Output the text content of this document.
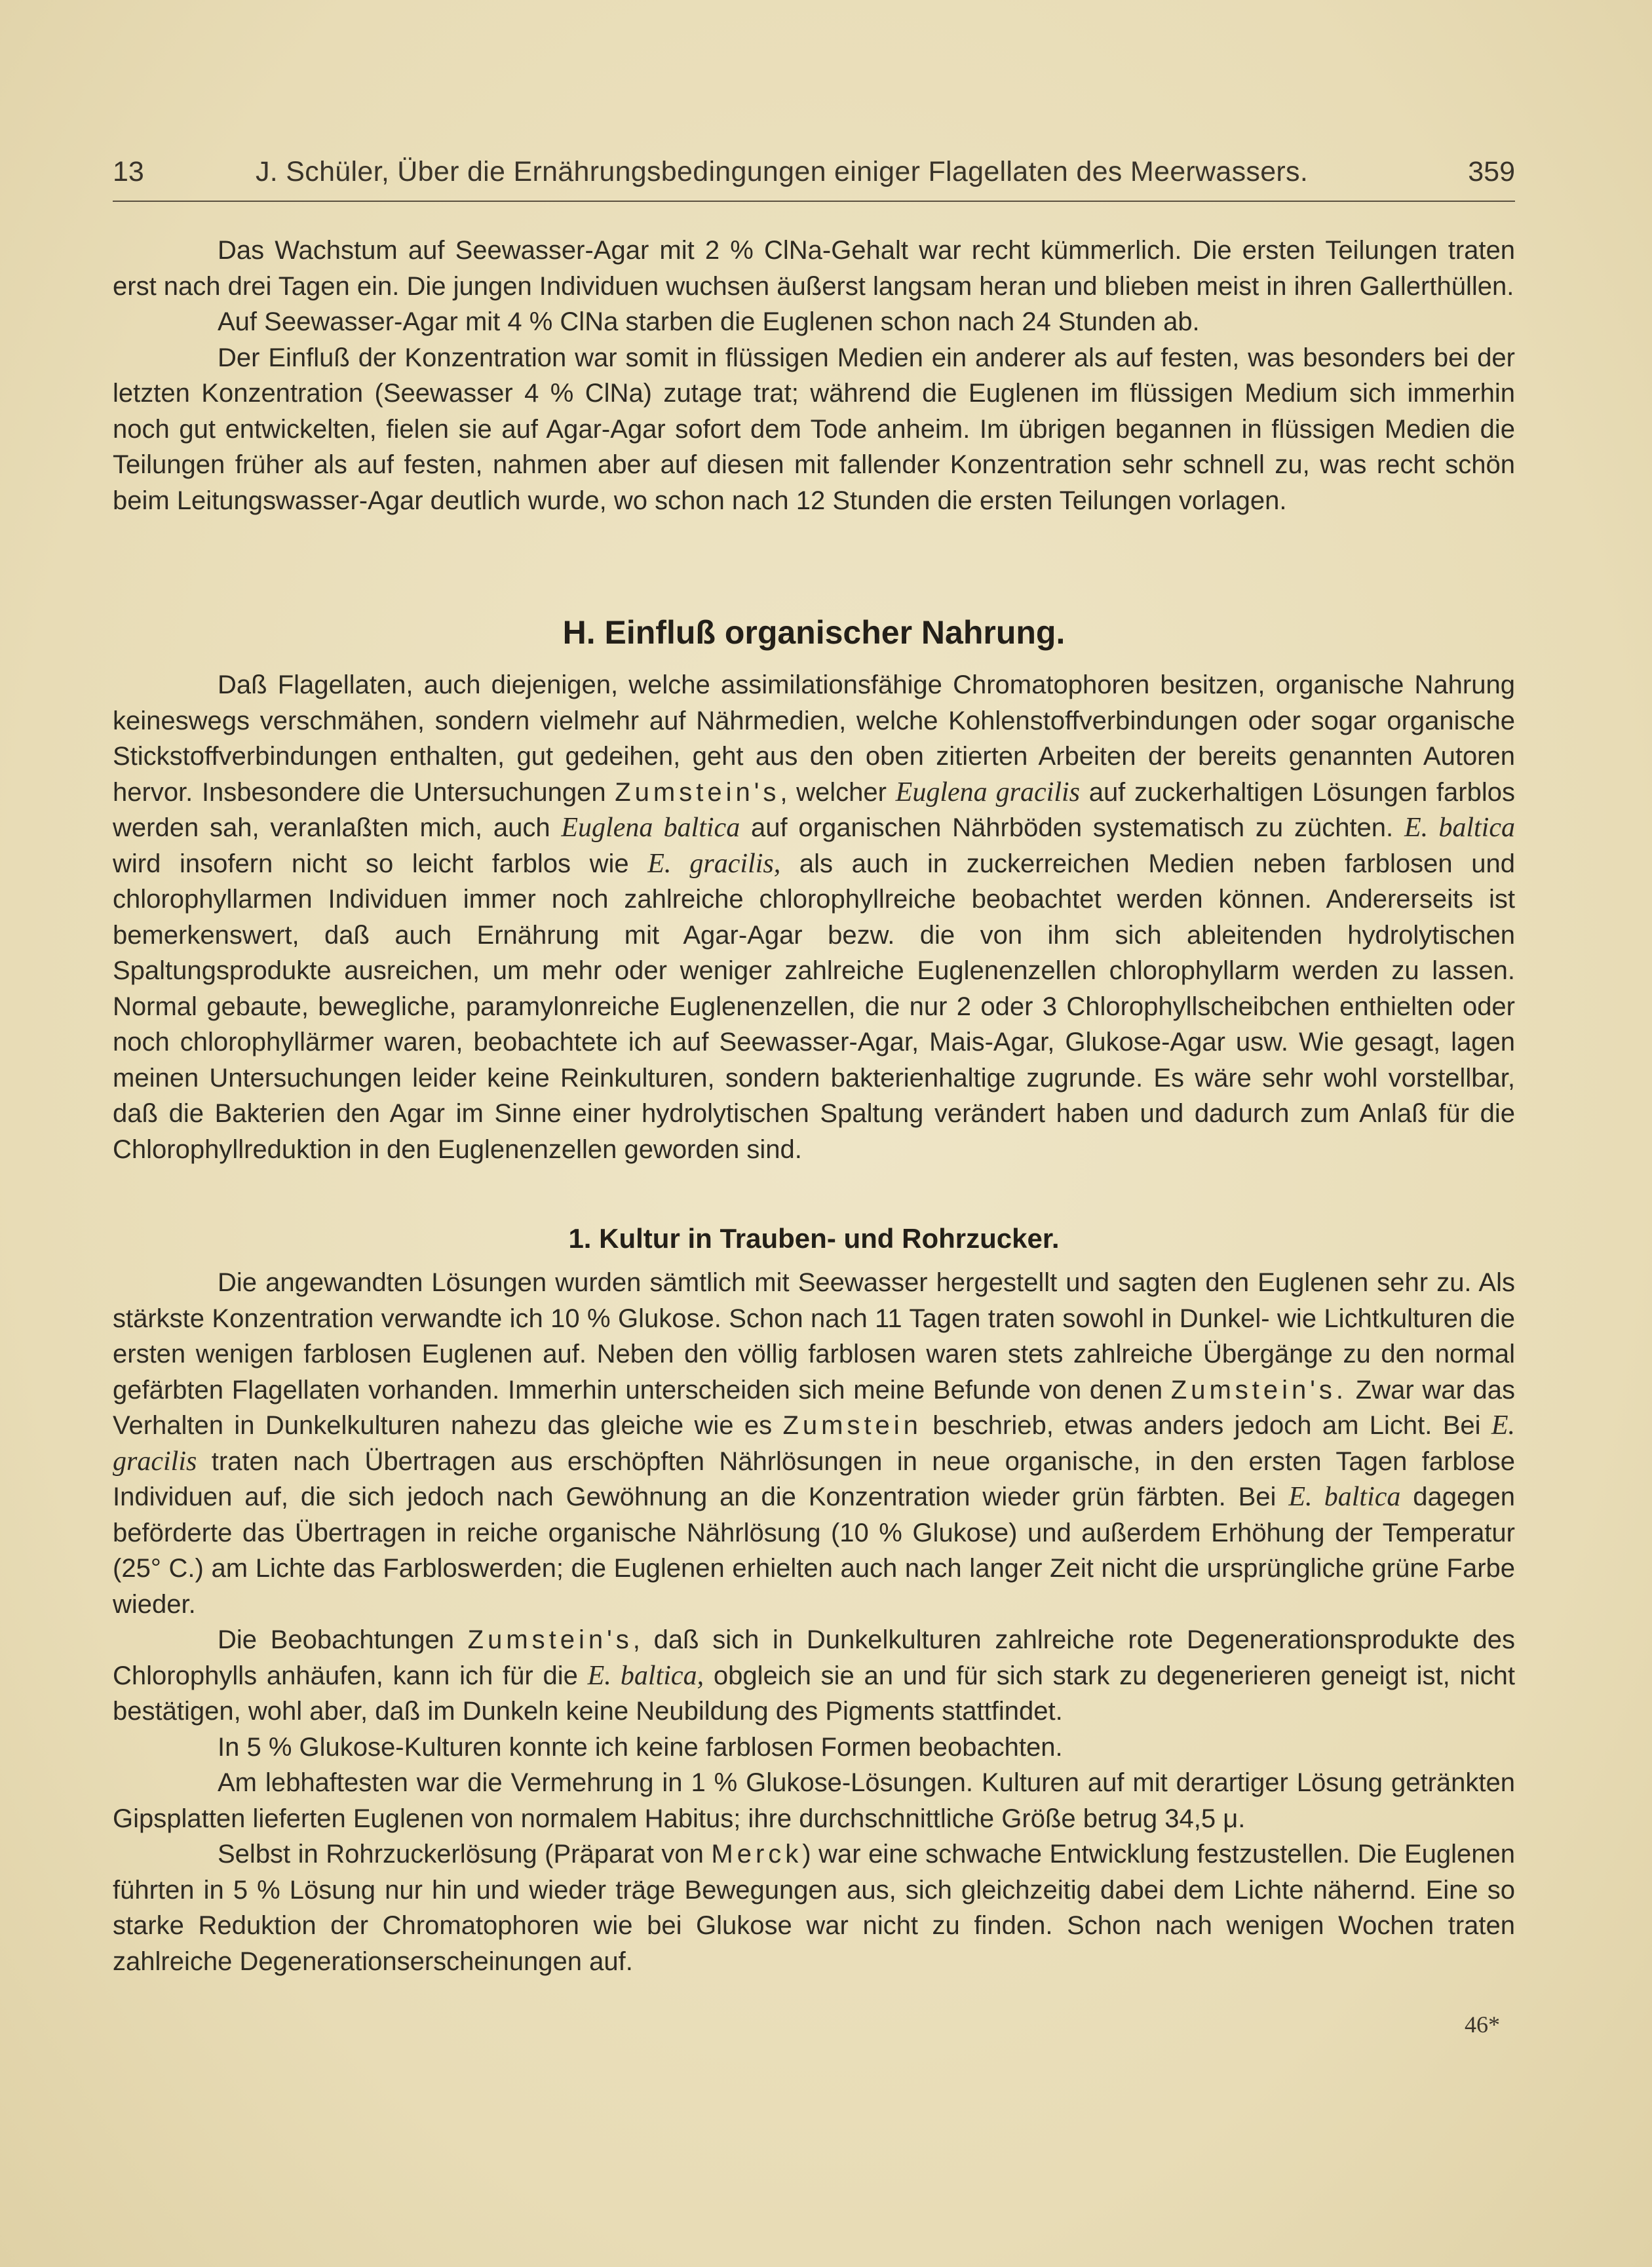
13	J. Schüler, Über die Ernährungsbedingungen einiger Flagellaten des Meerwassers.	359

Das Wachstum auf Seewasser-Agar mit 2 % ClNa-Gehalt war recht kümmerlich. Die ersten Teilungen traten erst nach drei Tagen ein. Die jungen Individuen wuchsen äußerst langsam heran und blieben meist in ihren Gallerthüllen.

Auf Seewasser-Agar mit 4 % ClNa starben die Euglenen schon nach 24 Stunden ab.

Der Einfluß der Konzentration war somit in flüssigen Medien ein anderer als auf festen, was besonders bei der letzten Konzentration (Seewasser 4 % ClNa) zutage trat; während die Euglenen im flüssigen Medium sich immerhin noch gut entwickelten, fielen sie auf Agar-Agar sofort dem Tode anheim. Im übrigen begannen in flüssigen Medien die Teilungen früher als auf festen, nahmen aber auf diesen mit fallender Konzentration sehr schnell zu, was recht schön beim Leitungswasser-Agar deutlich wurde, wo schon nach 12 Stunden die ersten Teilungen vorlagen.

H. Einfluß organischer Nahrung.

Daß Flagellaten, auch diejenigen, welche assimilationsfähige Chromatophoren besitzen, organische Nahrung keineswegs verschmähen, sondern vielmehr auf Nährmedien, welche Kohlenstoffverbindungen oder sogar organische Stickstoffverbindungen enthalten, gut gedeihen, geht aus den oben zitierten Arbeiten der bereits genannten Autoren hervor. Insbesondere die Untersuchungen Zumstein's, welcher Euglena gracilis auf zuckerhaltigen Lösungen farblos werden sah, veranlaßten mich, auch Euglena baltica auf organischen Nährböden systematisch zu züchten. E. baltica wird insofern nicht so leicht farblos wie E. gracilis, als auch in zuckerreichen Medien neben farblosen und chlorophyllarmen Individuen immer noch zahlreiche chlorophyllreiche beobachtet werden können. Andererseits ist bemerkenswert, daß auch Ernährung mit Agar-Agar bezw. die von ihm sich ableitenden hydrolytischen Spaltungsprodukte ausreichen, um mehr oder weniger zahlreiche Euglenenzellen chlorophyllarm werden zu lassen. Normal gebaute, bewegliche, paramylonreiche Euglenenzellen, die nur 2 oder 3 Chlorophyllscheibchen enthielten oder noch chlorophyllärmer waren, beobachtete ich auf Seewasser-Agar, Mais-Agar, Glukose-Agar usw. Wie gesagt, lagen meinen Untersuchungen leider keine Reinkulturen, sondern bakterienhaltige zugrunde. Es wäre sehr wohl vorstellbar, daß die Bakterien den Agar im Sinne einer hydrolytischen Spaltung verändert haben und dadurch zum Anlaß für die Chlorophyllreduktion in den Euglenenzellen geworden sind.

1. Kultur in Trauben- und Rohrzucker.

Die angewandten Lösungen wurden sämtlich mit Seewasser hergestellt und sagten den Euglenen sehr zu. Als stärkste Konzentration verwandte ich 10 % Glukose. Schon nach 11 Tagen traten sowohl in Dunkel- wie Lichtkulturen die ersten wenigen farblosen Euglenen auf. Neben den völlig farblosen waren stets zahlreiche Übergänge zu den normal gefärbten Flagellaten vorhanden. Immerhin unterscheiden sich meine Befunde von denen Zumstein's. Zwar war das Verhalten in Dunkelkulturen nahezu das gleiche wie es Zumstein beschrieb, etwas anders jedoch am Licht. Bei E. gracilis traten nach Übertragen aus erschöpften Nährlösungen in neue organische, in den ersten Tagen farblose Individuen auf, die sich jedoch nach Gewöhnung an die Konzentration wieder grün färbten. Bei E. baltica dagegen beförderte das Übertragen in reiche organische Nährlösung (10 % Glukose) und außerdem Erhöhung der Temperatur (25° C.) am Lichte das Farbloswerden; die Euglenen erhielten auch nach langer Zeit nicht die ursprüngliche grüne Farbe wieder.

Die Beobachtungen Zumstein's, daß sich in Dunkelkulturen zahlreiche rote Degenerationsprodukte des Chlorophylls anhäufen, kann ich für die E. baltica, obgleich sie an und für sich stark zu degenerieren geneigt ist, nicht bestätigen, wohl aber, daß im Dunkeln keine Neubildung des Pigments stattfindet.

In 5 % Glukose-Kulturen konnte ich keine farblosen Formen beobachten.

Am lebhaftesten war die Vermehrung in 1 % Glukose-Lösungen. Kulturen auf mit derartiger Lösung getränkten Gipsplatten lieferten Euglenen von normalem Habitus; ihre durchschnittliche Größe betrug 34,5 μ.

Selbst in Rohrzuckerlösung (Präparat von Merck) war eine schwache Entwicklung festzustellen. Die Euglenen führten in 5 % Lösung nur hin und wieder träge Bewegungen aus, sich gleichzeitig dabei dem Lichte nähernd. Eine so starke Reduktion der Chromatophoren wie bei Glukose war nicht zu finden. Schon nach wenigen Wochen traten zahlreiche Degenerationserscheinungen auf.

46*
